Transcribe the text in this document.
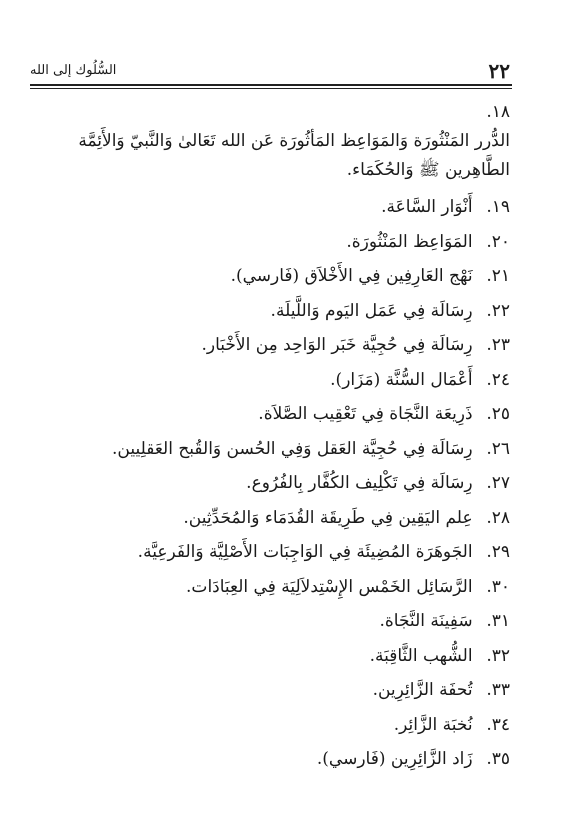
٢٢
السُّلُوك إلى الله
١٨.
الدُّرر المَنْثُورَة وَالمَوَاعِظ المَأثُورَة عَن الله تَعَالىٰ وَالنَّبيّ وَالأَئِمَّة الطَّاهِرين ﷺ وَالحُكَمَاء.
١٩. أَنْوَار السَّاعَة.
٢٠. المَوَاعِظ المَنْثُورَة.
٢١. نَهْج العَارِفِين فِي الأَخْلاَق (فَارسي).
٢٢. رِسَالَة فِي عَمَل اليَوم وَاللَّيلَة.
٢٣. رِسَالَة فِي حُجِيَّة خَبَر الوَاحِد مِن الأَخْبَار.
٢٤. أَعْمَال السُّنَّة (مَزَار).
٢٥. ذَرِيعَة النَّجَاة فِي تَعْقِيب الصَّلاَة.
٢٦. رِسَالَة فِي حُجِيَّة العَقل وَفِي الحُسن وَالقُبح العَقلِيين.
٢٧. رِسَالَة فِي تَكْلِيف الكُفَّار بِالفُرُوع.
٢٨. عِلم اليَقِين فِي طَرِيقَة القُدَمَاء وَالمُحَدِّثِين.
٢٩. الجَوهَرَة المُضِيئَة فِي الوَاجِبَات الأَصْلِيَّة وَالفَرعِيَّة.
٣٠. الرَّسَائِل الخَمْس الإِسْتِدلاَلِيَة فِي العِبَادَات.
٣١. سَفِينَة النَّجَاة.
٣٢. الشُّهب الثَّاقِبَة.
٣٣. تُحفَة الزَّائِرِين.
٣٤. نُخبَة الزَّائِر.
٣٥. زَاد الزَّائِرِين (فَارسي).
